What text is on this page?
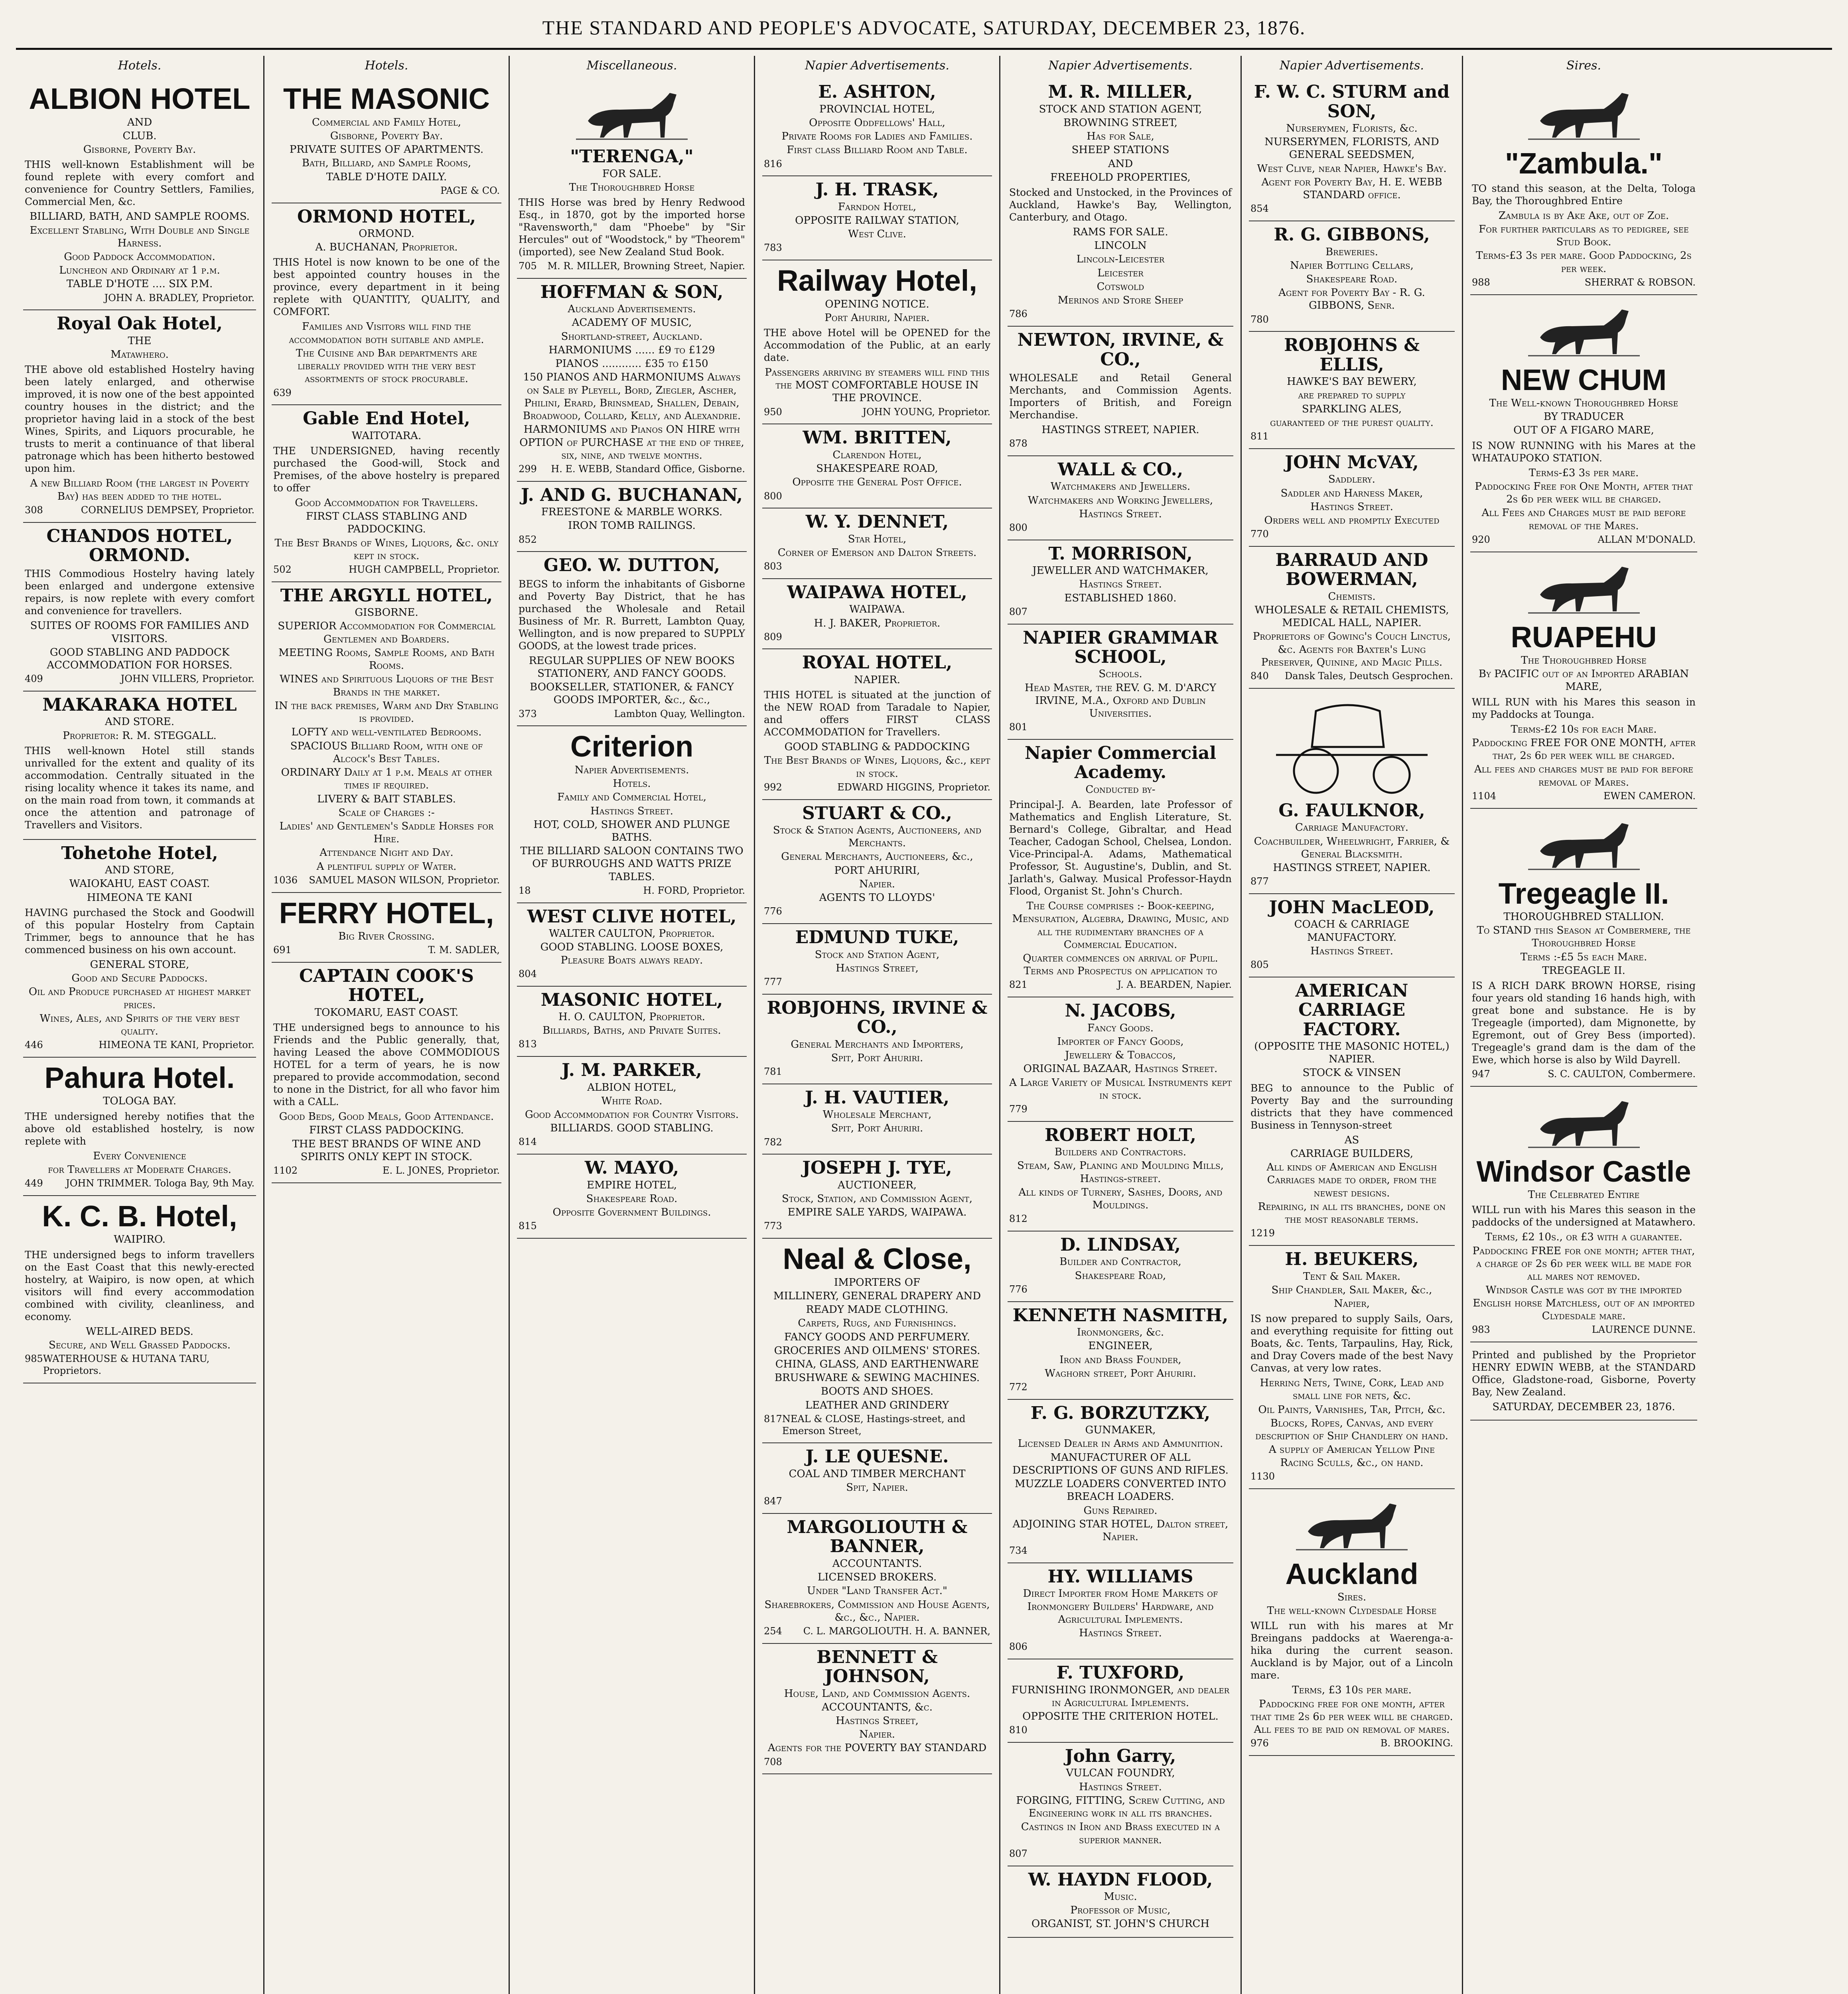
THE STANDARD AND PEOPLE'S ADVOCATE, SATURDAY, DECEMBER 23, 1876.
Hotels.
ALBION HOTEL
AND
CLUB.
Gisborne, Poverty Bay.
THIS well-known Establishment will be found replete with every comfort and convenience for Country Settlers, Families, Commercial Men, &c.
BILLIARD, BATH, AND SAMPLE ROOMS.
Excellent Stabling, With Double and Single Harness.
Good Paddock Accommodation.
Luncheon and Ordinary at 1 p.m.
TABLE D'HOTE .... SIX P.M.
JOHN A. BRADLEY, Proprietor.
Royal Oak Hotel,
THE
Matawhero.
THE above old established Hostelry having been lately enlarged, and otherwise improved, it is now one of the best appointed country houses in the district; and the proprietor having laid in a stock of the best Wines, Spirits, and Liquors procurable, he trusts to merit a continuance of that liberal patronage which has been hitherto bestowed upon him.
A new Billiard Room (the largest in Poverty Bay) has been added to the hotel.
308	CORNELIUS DEMPSEY, Proprietor.
CHANDOS HOTEL, ORMOND.
THIS Commodious Hostelry having lately been enlarged and undergone extensive repairs, is now replete with every comfort and convenience for travellers.
SUITES OF ROOMS FOR FAMILIES AND VISITORS.
GOOD STABLING AND PADDOCK ACCOMMODATION FOR HORSES.
409	JOHN VILLERS, Proprietor.
MAKARAKA HOTEL
AND STORE.
Proprietor: R. M. STEGGALL.
THIS well-known Hotel still stands unrivalled for the extent and quality of its accommodation. Centrally situated in the rising locality whence it takes its name, and on the main road from town, it commands at once the attention and patronage of Travellers and Visitors.
Tohetohe Hotel,
AND STORE,
WAIOKAHU, EAST COAST.
HIMEONA TE KANI
HAVING purchased the Stock and Goodwill of this popular Hostelry from Captain Trimmer, begs to announce that he has commenced business on his own account.
GENERAL STORE,
Good and Secure Paddocks.
Oil and Produce purchased at highest market prices.
Wines, Ales, and Spirits of the very best quality.
446	HIMEONA TE KANI, Proprietor.
Pahura Hotel.
TOLOGA BAY.
THE undersigned hereby notifies that the above old established hostelry, is now replete with
Every Convenience
for Travellers at Moderate Charges.
449 JOHN TRIMMER. Tologa Bay, 9th May.
K. C. B. Hotel,
WAIPIRO.
THE undersigned begs to inform travellers on the East Coast that this newly-erected hostelry, at Waipiro, is now open, at which visitors will find every accommodation combined with civility, cleanliness, and economy.
WELL-AIRED BEDS.
Secure, and Well Grassed Paddocks.
985 WATERHOUSE & HUTANA TARU, Proprietors.
Hotels.
THE MASONIC
Commercial and Family Hotel,
Gisborne, Poverty Bay.
PRIVATE SUITES OF APARTMENTS.
Bath, Billiard, and Sample Rooms,
TABLE D'HOTE DAILY.
PAGE & CO.
ORMOND HOTEL,
ORMOND.
A. BUCHANAN, Proprietor.
THIS Hotel is now known to be one of the best appointed country houses in the province, every department in it being replete with QUANTITY, QUALITY, and COMFORT.
Families and Visitors will find the accommodation both suitable and ample.
The Cuisine and Bar departments are liberally provided with the very best assortments of stock procurable.
639
Gable End Hotel,
WAITOTARA.
THE UNDERSIGNED, having recently purchased the Good-will, Stock and Premises, of the above hostelry is prepared to offer
Good Accommodation for Travellers.
FIRST CLASS STABLING AND PADDOCKING.
The Best Brands of Wines, Liquors, &c. only kept in stock.
502	HUGH CAMPBELL, Proprietor.
THE ARGYLL HOTEL,
GISBORNE.
SUPERIOR Accommodation for Commercial Gentlemen and Boarders.
MEETING Rooms, Sample Rooms, and Bath Rooms.
WINES and Spirituous Liquors of the Best Brands in the market.
IN the back premises, Warm and Dry Stabling is provided.
LOFTY and well-ventilated Bedrooms.
SPACIOUS Billiard Room, with one of Alcock's Best Tables.
ORDINARY Daily at 1 p.m. Meals at other times if required.
LIVERY & BAIT STABLES.
Scale of Charges :-
Ladies' and Gentlemen's Saddle Horses for Hire.
Attendance Night and Day.
A plentiful supply of Water.
1036 SAMUEL MASON WILSON, Proprietor.
FERRY HOTEL,
Big River Crossing.
691	T. M. SADLER,
CAPTAIN COOK'S HOTEL,
TOKOMARU, EAST COAST.
THE undersigned begs to announce to his Friends and the Public generally, that, having Leased the above COMMODIOUS HOTEL for a term of years, he is now prepared to provide accommodation, second to none in the District, for all who favor him with a CALL.
Good Beds, Good Meals, Good Attendance.
FIRST CLASS PADDOCKING.
THE BEST BRANDS OF WINE AND SPIRITS ONLY KEPT IN STOCK.
1102	E. L. JONES, Proprietor.
Miscellaneous.
"TERENGA,"
FOR SALE.
The Thoroughbred Horse
THIS Horse was bred by Henry Redwood Esq., in 1870, got by the imported horse "Ravensworth," dam "Phoebe" by "Sir Hercules" out of "Woodstock," by "Theorem" (imported), see New Zealand Stud Book.
705 M. R. MILLER, Browning Street, Napier.
HOFFMAN & SON,
Auckland Advertisements.
ACADEMY OF MUSIC,
Shortland-street, Auckland.
HARMONIUMS ...... £9 to £129
PIANOS ............ £35 to £150
150 PIANOS AND HARMONIUMS Always on Sale by Pleyell, Bord, Ziegler, Ascher, Philini, Erard, Brinsmead, Shallen, Debain, Broadwood, Collard, Kelly, and Alexandrie.
HARMONIUMS and Pianos ON HIRE with OPTION of PURCHASE at the end of three, six, nine, and twelve months.
299 H. E. WEBB, Standard Office, Gisborne.
J. AND G. BUCHANAN,
FREESTONE & MARBLE WORKS.
IRON TOMB RAILINGS.
852
GEO. W. DUTTON,
BEGS to inform the inhabitants of Gisborne and Poverty Bay District, that he has purchased the Wholesale and Retail Business of Mr. R. Burrett, Lambton Quay, Wellington, and is now prepared to SUPPLY GOODS, at the lowest trade prices.
REGULAR SUPPLIES OF NEW BOOKS STATIONERY, AND FANCY GOODS.
BOOKSELLER, STATIONER, & FANCY GOODS IMPORTER, &c., &c.,
373	Lambton Quay, Wellington.
Criterion
Napier Advertisements.
Hotels.
Family and Commercial Hotel,
Hastings Street.
HOT, COLD, SHOWER AND PLUNGE BATHS.
THE BILLIARD SALOON CONTAINS TWO OF BURROUGHS AND WATTS PRIZE TABLES.
18	H. FORD, Proprietor.
WEST CLIVE HOTEL,
WALTER CAULTON, Proprietor.
GOOD STABLING. LOOSE BOXES, Pleasure Boats always ready.
804
MASONIC HOTEL,
H. O. CAULTON, Proprietor.
Billiards, Baths, and Private Suites.
813
J. M. PARKER,
ALBION HOTEL,
White Road.
Good Accommodation for Country Visitors.
BILLIARDS. GOOD STABLING.
814
W. MAYO,
EMPIRE HOTEL,
Shakespeare Road.
Opposite Government Buildings.
815
Napier Advertisements.
E. ASHTON,
PROVINCIAL HOTEL,
Opposite Oddfellows' Hall,
Private Rooms for Ladies and Families.
First class Billiard Room and Table.
816
J. H. TRASK,
Farndon Hotel,
OPPOSITE RAILWAY STATION,
West Clive.
783
Railway Hotel,
OPENING NOTICE.
Port Ahuriri, Napier.
THE above Hotel will be OPENED for the Accommodation of the Public, at an early date.
Passengers arriving by steamers will find this the MOST COMFORTABLE HOUSE IN THE PROVINCE.
950	JOHN YOUNG, Proprietor.
WM. BRITTEN,
Clarendon Hotel,
SHAKESPEARE ROAD,
Opposite the General Post Office.
800
W. Y. DENNET,
Star Hotel,
Corner of Emerson and Dalton Streets.
803
WAIPAWA HOTEL,
WAIPAWA.
H. J. BAKER, Proprietor.
809
ROYAL HOTEL,
NAPIER.
THIS HOTEL is situated at the junction of the NEW ROAD from Taradale to Napier, and offers FIRST CLASS ACCOMMODATION for Travellers.
GOOD STABLING & PADDOCKING
The Best Brands of Wines, Liquors, &c., kept in stock.
992	EDWARD HIGGINS, Proprietor.
STUART & CO.,
Stock & Station Agents, Auctioneers, and Merchants.
General Merchants, Auctioneers, &c.,
PORT AHURIRI,
Napier.
AGENTS TO LLOYDS'
776
EDMUND TUKE,
Stock and Station Agent,
Hastings Street,
777
ROBJOHNS, IRVINE & CO.,
General Merchants and Importers,
Spit, Port Ahuriri.
781
J. H. VAUTIER,
Wholesale Merchant,
Spit, Port Ahuriri.
782
JOSEPH J. TYE,
AUCTIONEER,
Stock, Station, and Commission Agent,
EMPIRE SALE YARDS, WAIPAWA.
773
Neal & Close,
IMPORTERS OF
MILLINERY, GENERAL DRAPERY AND
READY MADE CLOTHING.
Carpets, Rugs, and Furnishings.
FANCY GOODS AND PERFUMERY.
GROCERIES AND OILMENS' STORES.
CHINA, GLASS, AND EARTHENWARE
BRUSHWARE & SEWING MACHINES.
BOOTS AND SHOES.
LEATHER AND GRINDERY
817 NEAL & CLOSE, Hastings-street, and Emerson Street,
J. LE QUESNE.
COAL AND TIMBER MERCHANT
Spit, Napier.
847
MARGOLIOUTH & BANNER,
ACCOUNTANTS.
LICENSED BROKERS.
Under "Land Transfer Act."
Sharebrokers, Commission and House Agents, &c., &c., Napier.
254 C. L. MARGOLIOUTH. H. A. BANNER,
BENNETT & JOHNSON,
House, Land, and Commission Agents.
ACCOUNTANTS, &c.
Hastings Street,
Napier.
Agents for the POVERTY BAY STANDARD
708
Napier Advertisements.
M. R. MILLER,
STOCK AND STATION AGENT,
BROWNING STREET,
Has for Sale,
SHEEP STATIONS
AND
FREEHOLD PROPERTIES,
Stocked and Unstocked, in the Provinces of Auckland, Hawke's Bay, Wellington, Canterbury, and Otago.
RAMS FOR SALE.
LINCOLN
Lincoln-Leicester
Leicester
Cotswold
Merinos and Store Sheep
786
NEWTON, IRVINE, & CO.,
WHOLESALE and Retail General Merchants, and Commission Agents. Importers of British, and Foreign Merchandise.
HASTINGS STREET, NAPIER.
878
WALL & CO.,
Watchmakers and Jewellers.
Watchmakers and Working Jewellers,
Hastings Street.
800
T. MORRISON,
JEWELLER AND WATCHMAKER,
Hastings Street.
ESTABLISHED 1860.
807
NAPIER GRAMMAR SCHOOL,
Schools.
Head Master, the REV. G. M. D'ARCY IRVINE, M.A., Oxford and Dublin Universities.
801
Napier Commercial Academy.
Conducted by-
Principal-J. A. Bearden, late Professor of Mathematics and English Literature, St. Bernard's College, Gibraltar, and Head Teacher, Cadogan School, Chelsea, London. Vice-Principal-A. Adams, Mathematical Professor, St. Augustine's, Dublin, and St. Jarlath's, Galway. Musical Professor-Haydn Flood, Organist St. John's Church.
The Course comprises :- Book-keeping, Mensuration, Algebra, Drawing, Music, and all the rudimentary branches of a Commercial Education.
Quarter commences on arrival of Pupil. Terms and Prospectus on application to
821	J. A. BEARDEN, Napier.
N. JACOBS,
Fancy Goods.
Importer of Fancy Goods,
Jewellery & Tobaccos,
ORIGINAL BAZAAR, Hastings Street.
A Large Variety of Musical Instruments kept in stock.
779
ROBERT HOLT,
Builders and Contractors.
Steam, Saw, Planing and Moulding Mills, Hastings-street.
All kinds of Turnery, Sashes, Doors, and Mouldings.
812
D. LINDSAY,
Builder and Contractor,
Shakespeare Road,
776
KENNETH NASMITH,
Ironmongers, &c.
ENGINEER,
Iron and Brass Founder,
Waghorn street, Port Ahuriri.
772
F. G. BORZUTZKY,
GUNMAKER,
Licensed Dealer in Arms and Ammunition.
MANUFACTURER OF ALL DESCRIPTIONS OF GUNS AND RIFLES.
MUZZLE LOADERS CONVERTED INTO BREACH LOADERS.
Guns Repaired.
ADJOINING STAR HOTEL, Dalton street, Napier.
734
HY. WILLIAMS
Direct Importer from Home Markets of Ironmongery Builders' Hardware, and Agricultural Implements.
Hastings Street.
806
F. TUXFORD,
FURNISHING IRONMONGER, and dealer in Agricultural Implements.
OPPOSITE THE CRITERION HOTEL.
810
John Garry,
VULCAN FOUNDRY,
Hastings Street.
FORGING, FITTING, Screw Cutting, and Engineering work in all its branches.
Castings in Iron and Brass executed in a superior manner.
807
W. HAYDN FLOOD,
Music.
Professor of Music,
ORGANIST, ST. JOHN'S CHURCH
Napier Advertisements.
F. W. C. STURM and SON,
Nurserymen, Florists, &c.
NURSERYMEN, FLORISTS, AND GENERAL SEEDSMEN,
West Clive, near Napier, Hawke's Bay.
Agent for Poverty Bay, H. E. WEBB STANDARD office.
854
R. G. GIBBONS,
Breweries.
Napier Bottling Cellars,
Shakespeare Road.
Agent for Poverty Bay - R. G. GIBBONS, Senr.
780
ROBJOHNS & ELLIS,
HAWKE'S BAY BEWERY,
are prepared to supply
SPARKLING ALES,
guaranteed of the purest quality.
811
JOHN McVAY,
Saddlery.
Saddler and Harness Maker,
Hastings Street.
Orders well and promptly Executed
770
BARRAUD AND BOWERMAN,
Chemists.
WHOLESALE & RETAIL CHEMISTS, MEDICAL HALL, NAPIER.
Proprietors of Gowing's Couch Linctus, &c. Agents for Baxter's Lung Preserver, Quinine, and Magic Pills.
840 Dansk Tales, Deutsch Gesprochen.
G. FAULKNOR,
Carriage Manufactory.
Coachbuilder, Wheelwright, Farrier, & General Blacksmith.
HASTINGS STREET, NAPIER.
877
JOHN MacLEOD,
COACH & CARRIAGE MANUFACTORY.
Hastings Street.
805
AMERICAN CARRIAGE FACTORY.
(OPPOSITE THE MASONIC HOTEL,) NAPIER.
STOCK & VINSEN
BEG to announce to the Public of Poverty Bay and the surrounding districts that they have commenced Business in Tennyson-street
AS
CARRIAGE BUILDERS,
All kinds of American and English Carriages made to order, from the newest designs.
Repairing, in all its branches, done on the most reasonable terms.
1219
H. BEUKERS,
Tent & Sail Maker.
Ship Chandler, Sail Maker, &c.,
Napier,
IS now prepared to supply Sails, Oars, and everything requisite for fitting out Boats, &c. Tents, Tarpaulins, Hay, Rick, and Dray Covers made of the best Navy Canvas, at very low rates.
Herring Nets, Twine, Cork, Lead and small line for nets, &c.
Oil Paints, Varnishes, Tar, Pitch, &c.
Blocks, Ropes, Canvas, and every description of Ship Chandlery on hand.
A supply of American Yellow Pine Racing Sculls, &c., on hand.
1130
Auckland
Sires.
The well-known Clydesdale Horse
WILL run with his mares at Mr Breingans paddocks at Waerenga-a-hika during the current season. Auckland is by Major, out of a Lincoln mare.
Terms, £3 10s per mare.
Paddocking free for one month, after that time 2s 6d per week will be charged. All fees to be paid on removal of mares.
976	B. BROOKING.
Sires.
"Zambula."
TO stand this season, at the Delta, Tologa Bay, the Thoroughbred Entire
Zambula is by Ake Ake, out of Zoe.
For further particulars as to pedigree, see Stud Book.
Terms-£3 3s per mare. Good Paddocking, 2s per week.
988	SHERRAT & ROBSON.
NEW CHUM
The Well-known Thoroughbred Horse
BY TRADUCER
OUT OF A FIGARO MARE,
IS NOW RUNNING with his Mares at the WHATAUPOKO STATION.
Terms-£3 3s per mare.
Paddocking Free for One Month, after that 2s 6d per week will be charged.
All Fees and Charges must be paid before removal of the Mares.
920	ALLAN M'DONALD.
RUAPEHU
The Thoroughbred Horse
By PACIFIC out of an Imported ARABIAN MARE,
WILL RUN with his Mares this season in my Paddocks at Tounga.
Terms-£2 10s for each Mare.
Paddocking FREE FOR ONE MONTH, after that, 2s 6d per week will be charged.
All fees and charges must be paid for before removal of Mares.
1104	EWEN CAMERON.
Tregeagle II.
THOROUGHBRED STALLION.
To STAND this Season at Combermere, the Thoroughbred Horse
Terms :-£5 5s each Mare.
TREGEAGLE II.
IS A RICH DARK BROWN HORSE, rising four years old standing 16 hands high, with great bone and substance. He is by Tregeagle (imported), dam Mignonette, by Egremont, out of Grey Bess (imported). Tregeagle's grand dam is the dam of the Ewe, which horse is also by Wild Dayrell.
947	S. C. CAULTON, Combermere.
Windsor Castle
The Celebrated Entire
WILL run with his Mares this season in the paddocks of the undersigned at Matawhero.
Terms, £2 10s., or £3 with a guarantee.
Paddocking FREE for one month; after that, a charge of 2s 6d per week will be made for all mares not removed.
Windsor Castle was got by the imported English horse Matchless, out of an imported Clydesdale mare.
983	LAURENCE DUNNE.
Printed and published by the Proprietor HENRY EDWIN WEBB, at the STANDARD Office, Gladstone-road, Gisborne, Poverty Bay, New Zealand.
SATURDAY, DECEMBER 23, 1876.
